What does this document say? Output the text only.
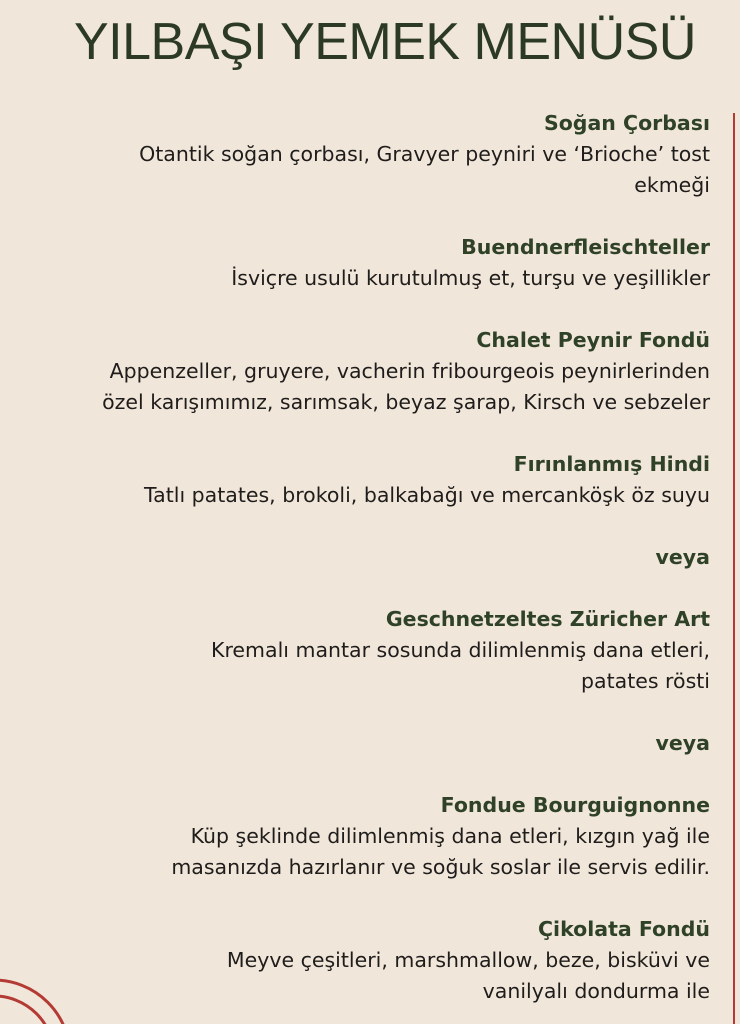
YILBAŞI YEMEK MENÜSÜ
Soğan Çorbası
Otantik soğan çorbası, Gravyer peyniri ve ‘Brioche’ tost
ekmeği
Buendnerfleischteller
İsviçre usulü kurutulmuş et, turşu ve yeşillikler
Chalet Peynir Fondü
Appenzeller, gruyere, vacherin fribourgeois peynirlerinden
özel karışımımız, sarımsak, beyaz şarap, Kirsch ve sebzeler
Fırınlanmış Hindi
Tatlı patates, brokoli, balkabağı ve mercanköşk öz suyu
veya
Geschnetzeltes Züricher Art
Kremalı mantar sosunda dilimlenmiş dana etleri,
patates rösti
veya
Fondue Bourguignonne
Küp şeklinde dilimlenmiş dana etleri, kızgın yağ ile
masanızda hazırlanır ve soğuk soslar ile servis edilir.
Çikolata Fondü
Meyve çeşitleri, marshmallow, beze, bisküvi ve
vanilyalı dondurma ile
